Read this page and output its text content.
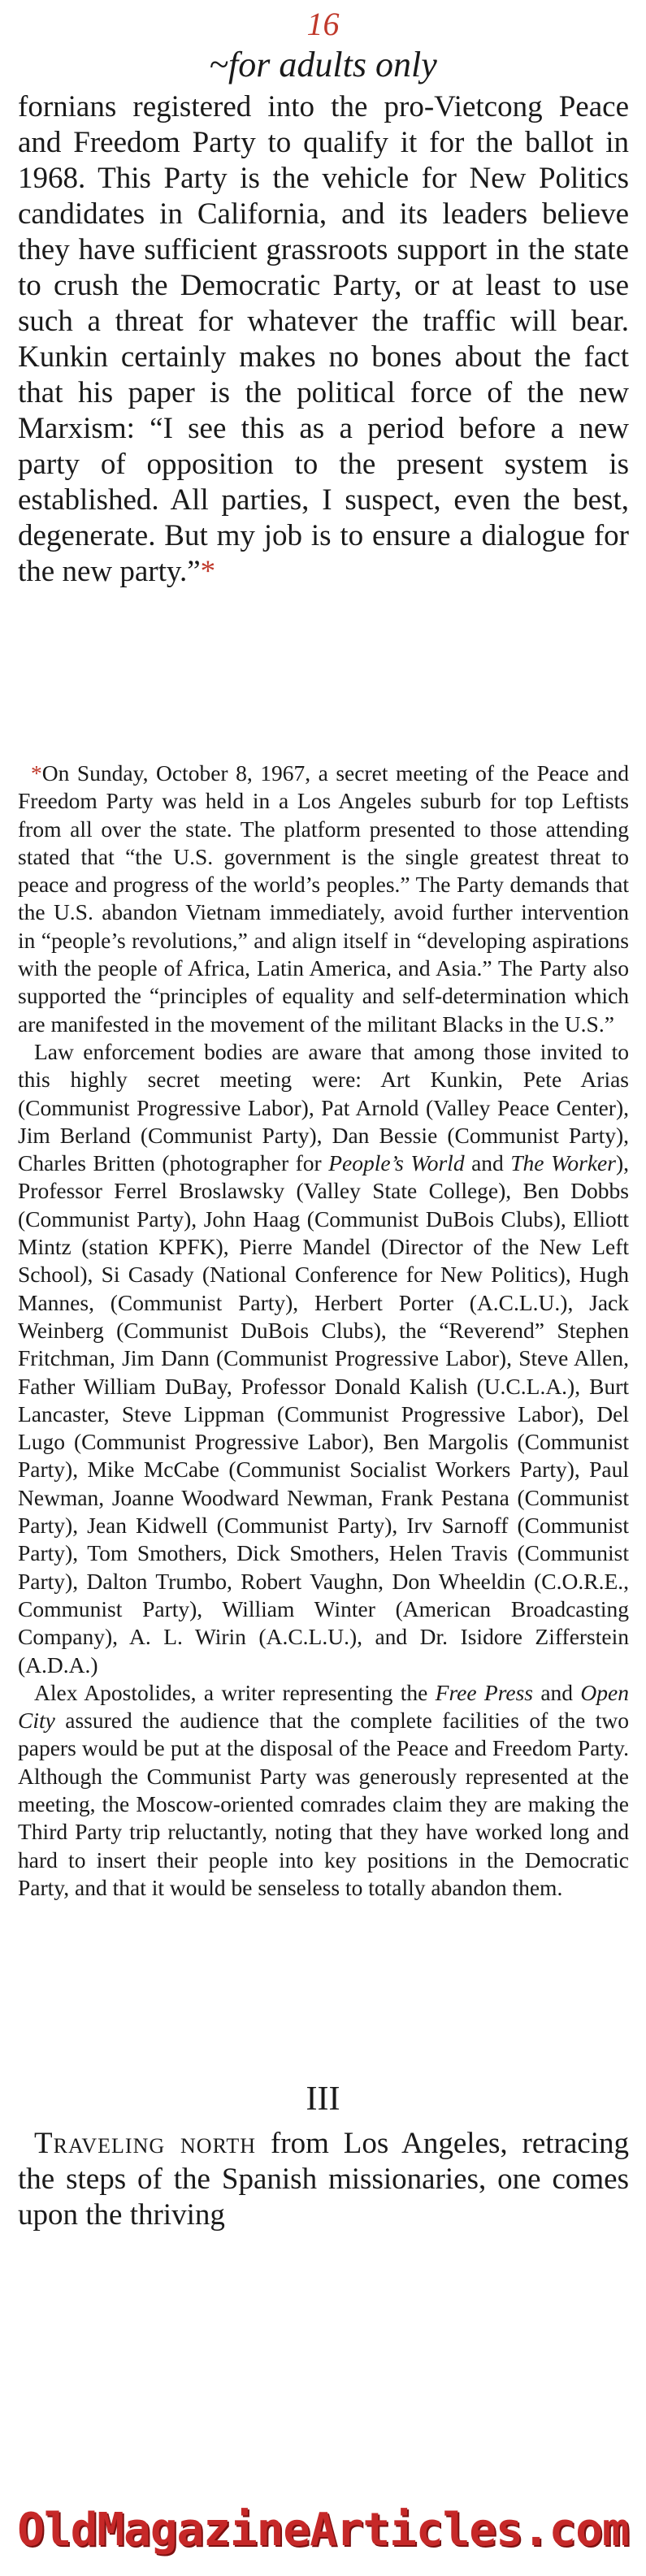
16
~for adults only

fornians registered into the pro-Vietcong Peace and Freedom Party to qualify it for the ballot in 1968. This Party is the vehicle for New Politics candidates in California, and its leaders believe they have sufficient grassroots support in the state to crush the Democratic Party, or at least to use such a threat for whatever the traffic will bear. Kunkin certainly makes no bones about the fact that his paper is the political force of the new Marxism: “I see this as a period before a new party of opposition to the present system is established. All parties, I suspect, even the best, degenerate. But my job is to ensure a dialogue for the new party.”*

*On Sunday, October 8, 1967, a secret meeting of the Peace and Freedom Party was held in a Los Angeles suburb for top Leftists from all over the state. The platform presented to those attending stated that “the U.S. government is the single greatest threat to peace and progress of the world’s peoples.” The Party demands that the U.S. abandon Vietnam immediately, avoid further intervention in “people’s revolutions,” and align itself in “developing aspirations with the people of Africa, Latin America, and Asia.” The Party also supported the “principles of equality and self-determination which are manifested in the movement of the militant Blacks in the U.S.”

Law enforcement bodies are aware that among those invited to this highly secret meeting were: Art Kunkin, Pete Arias (Communist Progressive Labor), Pat Arnold (Valley Peace Center), Jim Berland (Communist Party), Dan Bessie (Communist Party), Charles Britten (photographer for People’s World and The Worker), Professor Ferrel Broslawsky (Valley State College), Ben Dobbs (Communist Party), John Haag (Communist DuBois Clubs), Elliott Mintz (station KPFK), Pierre Mandel (Director of the New Left School), Si Casady (National Conference for New Politics), Hugh Mannes, (Communist Party), Herbert Porter (A.C.L.U.), Jack Weinberg (Communist DuBois Clubs), the “Reverend” Stephen Fritchman, Jim Dann (Communist Progressive Labor), Steve Allen, Father William DuBay, Professor Donald Kalish (U.C.L.A.), Burt Lancaster, Steve Lippman (Communist Progressive Labor), Del Lugo (Communist Progressive Labor), Ben Margolis (Communist Party), Mike McCabe (Communist Socialist Workers Party), Paul Newman, Joanne Woodward Newman, Frank Pestana (Communist Party), Jean Kidwell (Communist Party), Irv Sarnoff (Communist Party), Tom Smothers, Dick Smothers, Helen Travis (Communist Party), Dalton Trumbo, Robert Vaughn, Don Wheeldin (C.O.R.E., Communist Party), William Winter (American Broadcasting Company), A. L. Wirin (A.C.L.U.), and Dr. Isidore Zifferstein (A.D.A.)

Alex Apostolides, a writer representing the Free Press and Open City assured the audience that the complete facilities of the two papers would be put at the disposal of the Peace and Freedom Party. Although the Communist Party was generously represented at the meeting, the Moscow-oriented comrades claim they are making the Third Party trip reluctantly, noting that they have worked long and hard to insert their people into key positions in the Democratic Party, and that it would be senseless to totally abandon them.

III

Traveling north from Los Angeles, retracing the steps of the Spanish missionaries, one comes upon the thriving

OldMagazineArticles.com
